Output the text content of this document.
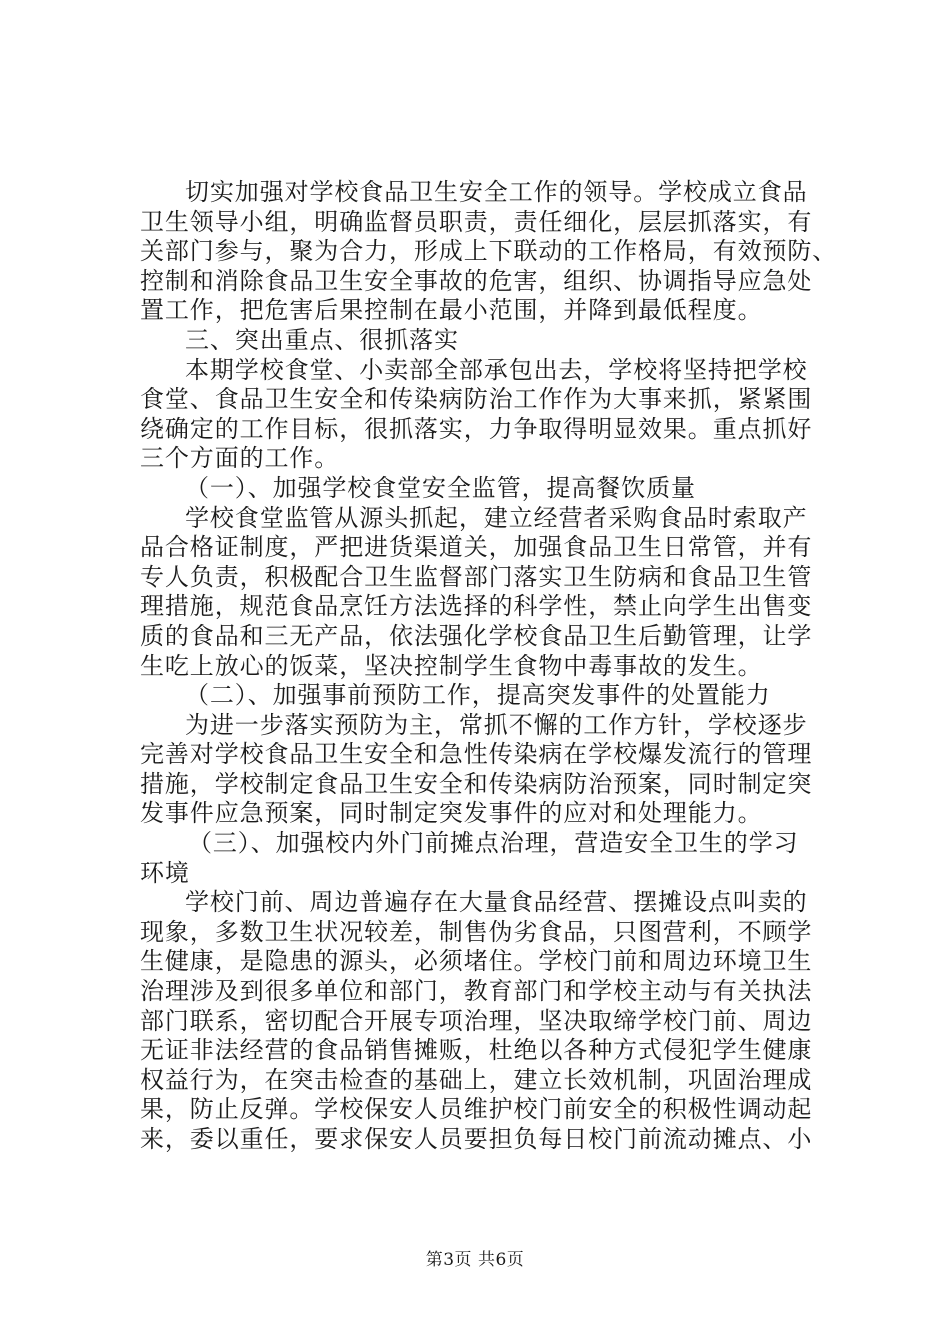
切实加强对学校食品卫生安全工作的领导。学校成立食品
卫生领导小组，明确监督员职责，责任细化，层层抓落实，有
关部门参与，聚为合力，形成上下联动的工作格局，有效预防、
控制和消除食品卫生安全事故的危害，组织、协调指导应急处
置工作，把危害后果控制在最小范围，并降到最低程度。
三、突出重点、很抓落实
本期学校食堂、小卖部全部承包出去，学校将坚持把学校
食堂、食品卫生安全和传染病防治工作作为大事来抓，紧紧围
绕确定的工作目标，很抓落实，力争取得明显效果。重点抓好
三个方面的工作。
（一）、加强学校食堂安全监管，提高餐饮质量
学校食堂监管从源头抓起，建立经营者采购食品时索取产
品合格证制度，严把进货渠道关，加强食品卫生日常管，并有
专人负责，积极配合卫生监督部门落实卫生防病和食品卫生管
理措施，规范食品烹饪方法选择的科学性，禁止向学生出售变
质的食品和三无产品，依法强化学校食品卫生后勤管理，让学
生吃上放心的饭菜，坚决控制学生食物中毒事故的发生。
（二）、加强事前预防工作，提高突发事件的处置能力
为进一步落实预防为主，常抓不懈的工作方针，学校逐步
完善对学校食品卫生安全和急性传染病在学校爆发流行的管理
措施，学校制定食品卫生安全和传染病防治预案，同时制定突
发事件应急预案，同时制定突发事件的应对和处理能力。
（三）、加强校内外门前摊点治理，营造安全卫生的学习
环境
学校门前、周边普遍存在大量食品经营、摆摊设点叫卖的
现象，多数卫生状况较差，制售伪劣食品，只图营利，不顾学
生健康，是隐患的源头，必须堵住。学校门前和周边环境卫生
治理涉及到很多单位和部门，教育部门和学校主动与有关执法
部门联系，密切配合开展专项治理，坚决取缔学校门前、周边
无证非法经营的食品销售摊贩，杜绝以各种方式侵犯学生健康
权益行为，在突击检查的基础上，建立长效机制，巩固治理成
果，防止反弹。学校保安人员维护校门前安全的积极性调动起
来，委以重任，要求保安人员要担负每日校门前流动摊点、小
第3页 共6页
